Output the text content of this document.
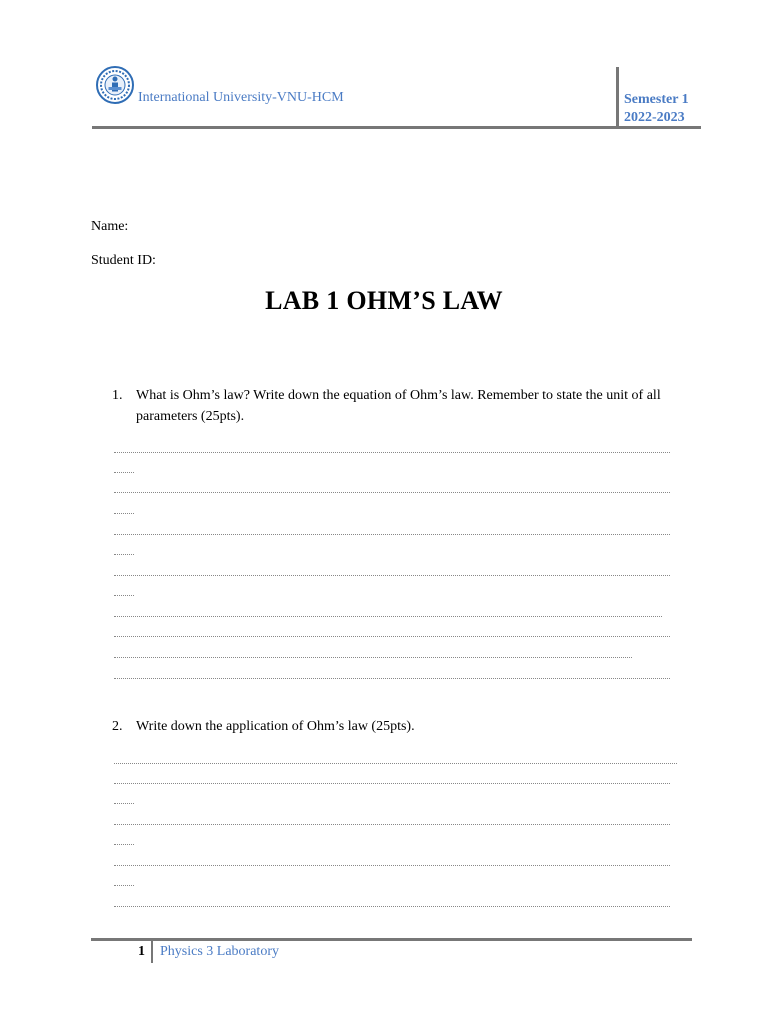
International University-VNU-HCM	Semester 1
2022-2023
Name:
Student ID:
LAB 1 OHM’S LAW
1. What is Ohm’s law? Write down the equation of Ohm’s law. Remember to state the unit of all parameters (25pts).
2. Write down the application of Ohm’s law (25pts).
1 Physics 3 Laboratory
